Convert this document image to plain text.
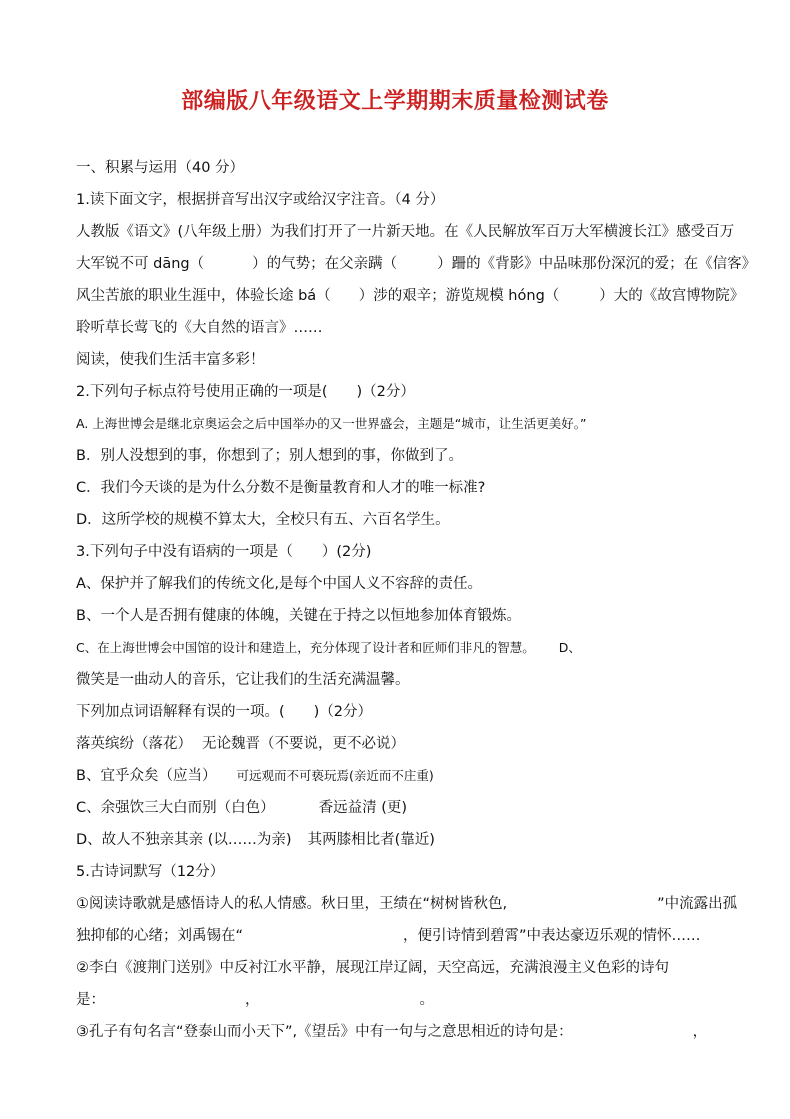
部编版八年级语文上学期期末质量检测试卷
一、积累与运用（40 分）
1.读下面文字，根据拼音写出汉字或给汉字注音。（4 分）
人教版《语文》(八年级上册）为我们打开了一片新天地。在《人民解放军百万大军横渡长江》感受百万
大军锐不可 dāng（	）的气势；在父亲蹒（	）跚的《背影》中品味那份深沉的爱；在《信客》
风尘苦旅的职业生涯中，体验长途 bá（ ）涉的艰辛；游览规模 hóng（	）大的《故宫博物院》
聆听草长莺飞的《大自然的语言》……
阅读，使我们生活丰富多彩！
2.下列句子标点符号使用正确的一项是(　　)（2分）
A. 上海世博会是继北京奥运会之后中国举办的又一世界盛会，主题是“城市，让生活更美好。”
B．别人没想到的事，你想到了；别人想到的事，你做到了。
C．我们今天谈的是为什么分数不是衡量教育和人才的唯一标准?
D．这所学校的规模不算太大，全校只有五、六百名学生。
3.下列句子中没有语病的一项是（　　）(2分)
A、保护并了解我们的传统文化,是每个中国人义不容辞的责任。
B、一个人是否拥有健康的体魄，关键在于持之以恒地参加体育锻炼。
C、在上海世博会中国馆的设计和建造上，充分体现了设计者和匠师们非凡的智慧。 D、
微笑是一曲动人的音乐，它让我们的生活充满温馨。
下列加点词语解释有误的一项。(　　)（2分）
落英缤纷（落花） 无论魏晋（不要说，更不必说）
B、宜乎众矣（应当） 可远观而不可亵玩焉(亲近而不庄重)
C、余强饮三大白而别（白色）	香远益清 (更)
D、故人不独亲其亲 (以……为亲) 其两膝相比者(靠近)
5.古诗词默写（12分）
①阅读诗歌就是感悟诗人的私人情感。秋日里，王绩在“树树皆秋色,	”中流露出孤
独抑郁的心绪；刘禹锡在“	，便引诗情到碧霄”中表达豪迈乐观的情怀……
②李白《渡荆门送别》中反衬江水平静，展现江岸辽阔，天空高远，充满浪漫主义色彩的诗句
是：	，	。
③孔子有句名言“登泰山而小天下”,《望岳》中有一句与之意思相近的诗句是：	，
